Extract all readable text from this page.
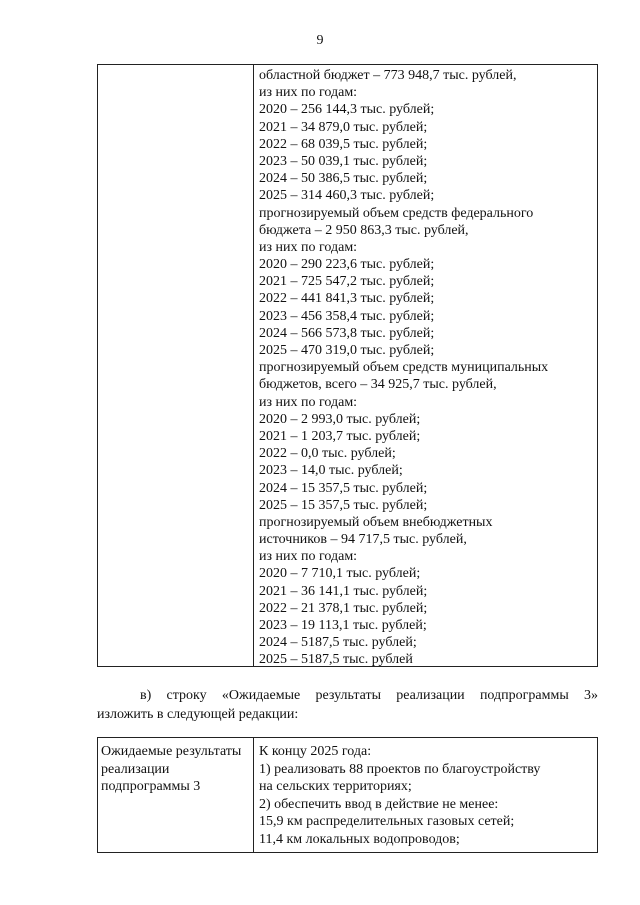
9
областной бюджет – 773 948,7 тыс. рублей,
из них по годам:
2020 – 256 144,3 тыс. рублей;
2021 – 34 879,0 тыс. рублей;
2022 – 68 039,5 тыс. рублей;
2023 – 50 039,1 тыс. рублей;
2024 – 50 386,5 тыс. рублей;
2025 – 314 460,3 тыс. рублей;
прогнозируемый объем средств федерального
бюджета – 2 950 863,3 тыс. рублей,
из них по годам:
2020 – 290 223,6 тыс. рублей;
2021 – 725 547,2 тыс. рублей;
2022 – 441 841,3 тыс. рублей;
2023 – 456 358,4 тыс. рублей;
2024 – 566 573,8 тыс. рублей;
2025 – 470 319,0 тыс. рублей;
прогнозируемый объем средств муниципальных
бюджетов, всего – 34 925,7 тыс. рублей,
из них по годам:
2020 – 2 993,0 тыс. рублей;
2021 – 1 203,7 тыс. рублей;
2022 – 0,0 тыс. рублей;
2023 – 14,0 тыс. рублей;
2024 – 15 357,5 тыс. рублей;
2025 – 15 357,5 тыс. рублей;
прогнозируемый объем внебюджетных
источников – 94 717,5 тыс. рублей,
из них по годам:
2020 – 7 710,1 тыс. рублей;
2021 – 36 141,1 тыс. рублей;
2022 – 21 378,1 тыс. рублей;
2023 – 19 113,1 тыс. рублей;
2024 – 5187,5 тыс. рублей;
2025 – 5187,5 тыс. рублей
в) строку «Ожидаемые результаты реализации подпрограммы 3»
изложить в следующей редакции:
Ожидаемые результаты
реализации
подпрограммы 3
К концу 2025 года:
1) реализовать 88 проектов по благоустройству
на сельских территориях;
2) обеспечить ввод в действие не менее:
15,9 км распределительных газовых сетей;
11,4 км локальных водопроводов;
